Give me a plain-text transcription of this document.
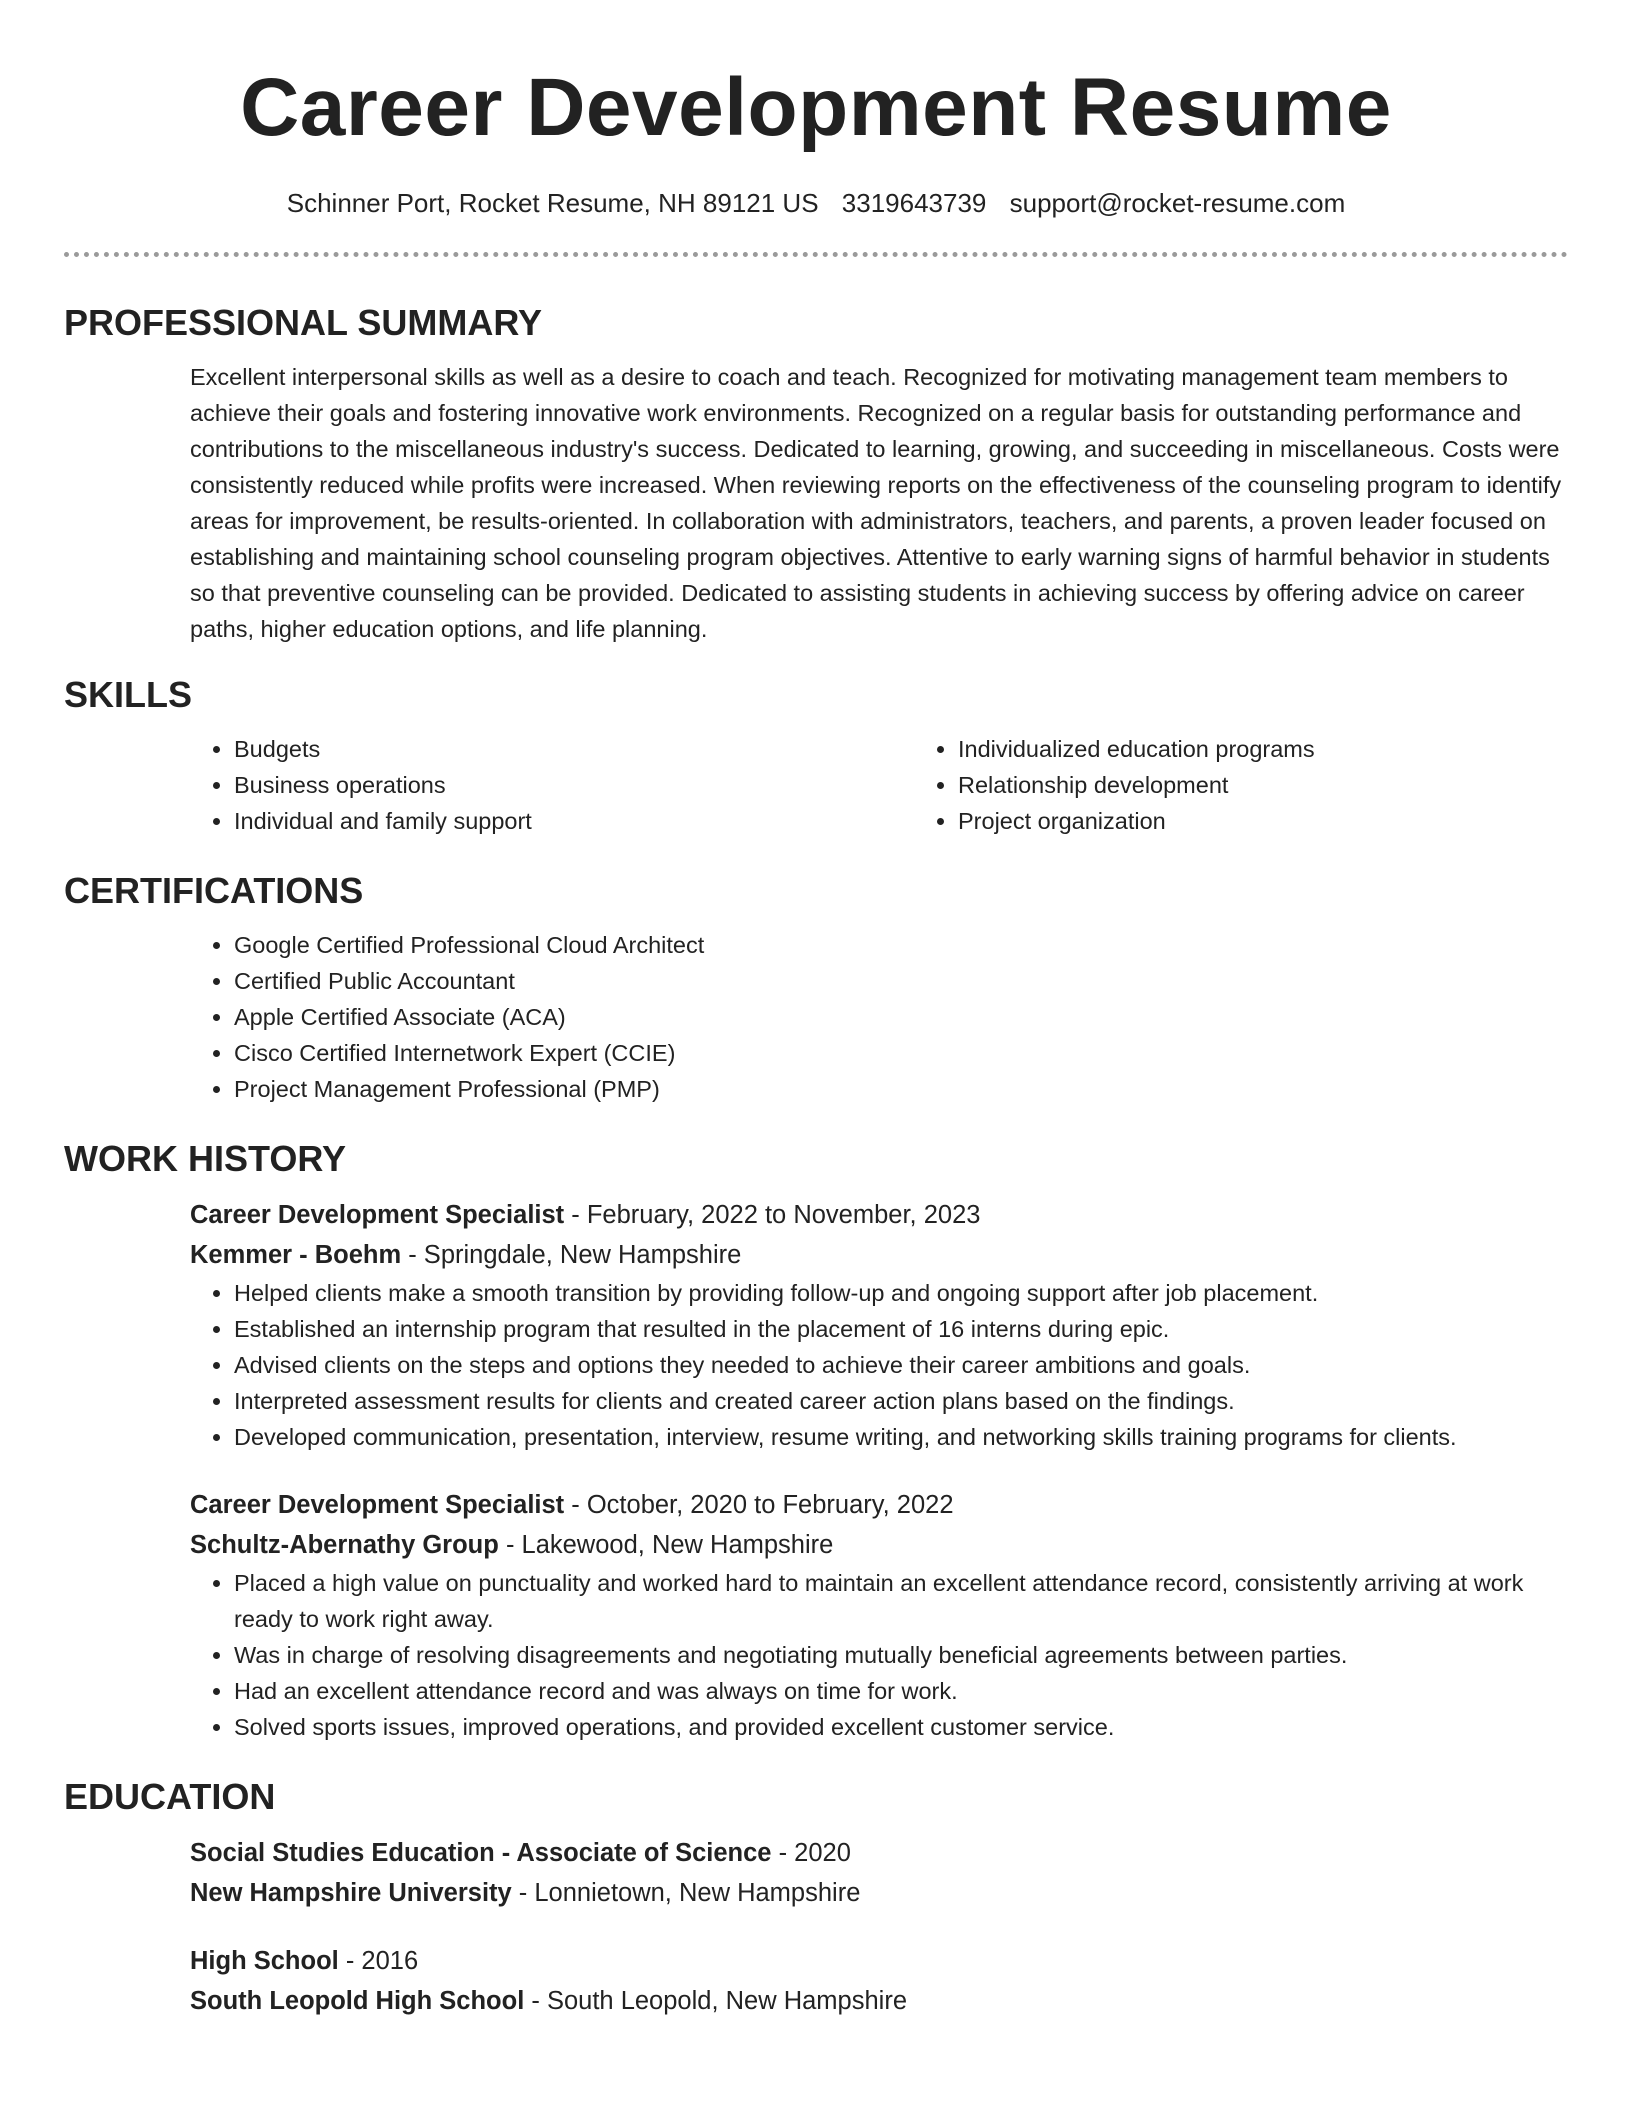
Career Development Resume
Schinner Port, Rocket Resume, NH 89121 US 3319643739 support@rocket-resume.com
PROFESSIONAL SUMMARY

Excellent interpersonal skills as well as a desire to coach and teach. Recognized for motivating management team members to achieve their goals and fostering innovative work environments. Recognized on a regular basis for outstanding performance and contributions to the miscellaneous industry's success. Dedicated to learning, growing, and succeeding in miscellaneous. Costs were consistently reduced while profits were increased. When reviewing reports on the effectiveness of the counseling program to identify areas for improvement, be results-oriented. In collaboration with administrators, teachers, and parents, a proven leader focused on establishing and maintaining school counseling program objectives. Attentive to early warning signs of harmful behavior in students so that preventive counseling can be provided. Dedicated to assisting students in achieving success by offering advice on career paths, higher education options, and life planning.

SKILLS
• Budgets
• Business operations
• Individual and family support
• Individualized education programs
• Relationship development
• Project organization
CERTIFICATIONS
• Google Certified Professional Cloud Architect
• Certified Public Accountant
• Apple Certified Associate (ACA)
• Cisco Certified Internetwork Expert (CCIE)
• Project Management Professional (PMP)
WORK HISTORY
Career Development Specialist - February, 2022 to November, 2023
Kemmer - Boehm - Springdale, New Hampshire
• Helped clients make a smooth transition by providing follow-up and ongoing support after job placement.
• Established an internship program that resulted in the placement of 16 interns during epic.
• Advised clients on the steps and options they needed to achieve their career ambitions and goals.
• Interpreted assessment results for clients and created career action plans based on the findings.
• Developed communication, presentation, interview, resume writing, and networking skills training programs for clients.
Career Development Specialist - October, 2020 to February, 2022
Schultz-Abernathy Group - Lakewood, New Hampshire
• Placed a high value on punctuality and worked hard to maintain an excellent attendance record, consistently arriving at work ready to work right away.
• Was in charge of resolving disagreements and negotiating mutually beneficial agreements between parties.
• Had an excellent attendance record and was always on time for work.
• Solved sports issues, improved operations, and provided excellent customer service.
EDUCATION
Social Studies Education - Associate of Science - 2020
New Hampshire University - Lonnietown, New Hampshire
High School - 2016
South Leopold High School - South Leopold, New Hampshire
